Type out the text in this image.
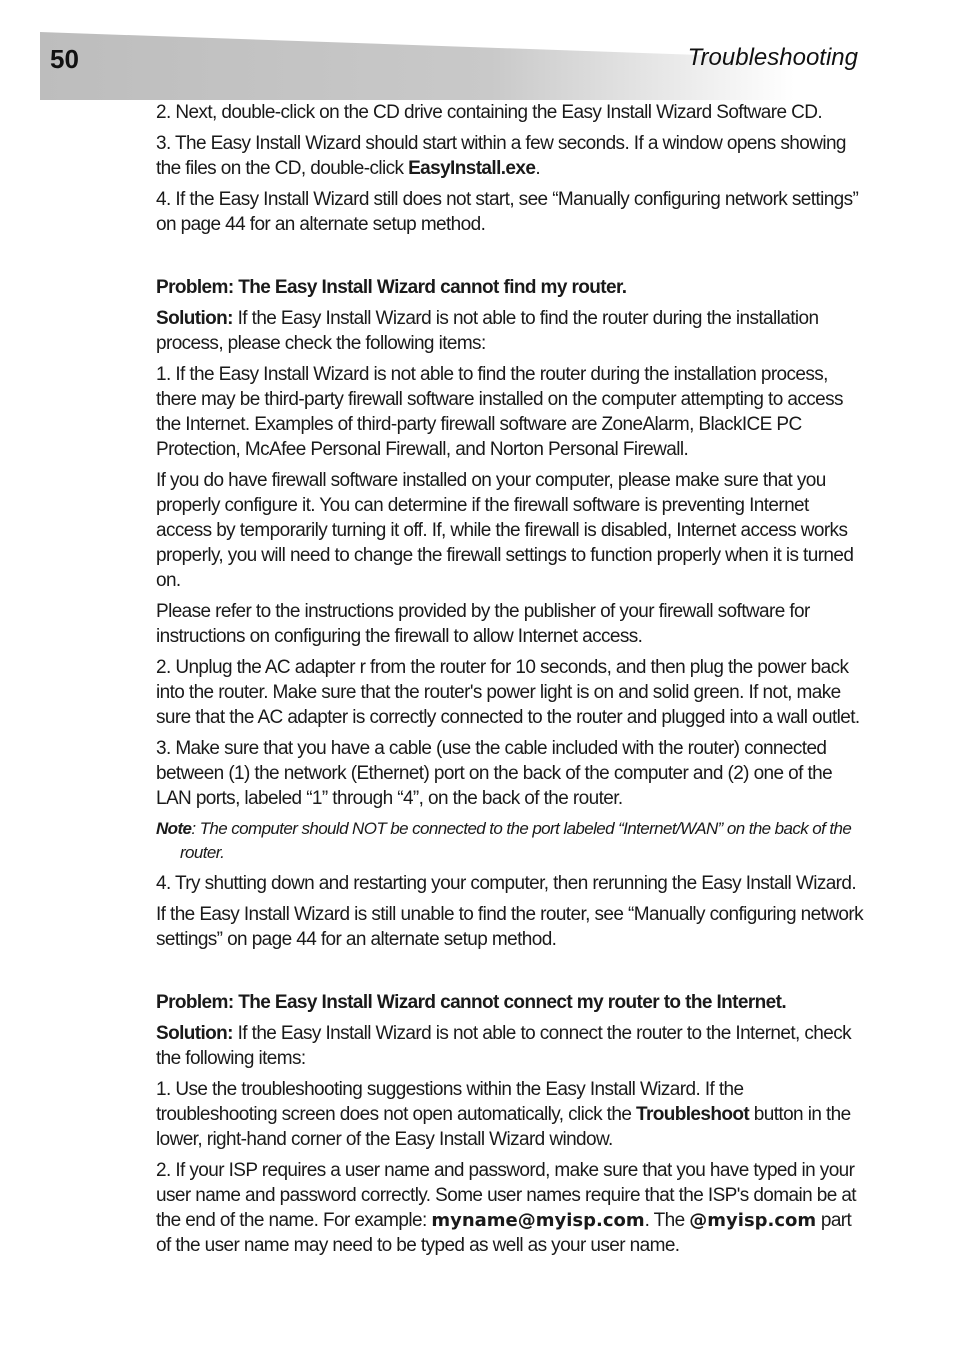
50	Troubleshooting

2. Next, double-click on the CD drive containing the Easy Install Wizard Software CD.

3. The Easy Install Wizard should start within a few seconds. If a window opens showing the files on the CD, double-click EasyInstall.exe.

4. If the Easy Install Wizard still does not start, see “Manually configuring network settings” on page 44 for an alternate setup method.

Problem: The Easy Install Wizard cannot find my router.

Solution: If the Easy Install Wizard is not able to find the router during the installation process, please check the following items:

1. If the Easy Install Wizard is not able to find the router during the installation process, there may be third-party firewall software installed on the computer attempting to access the Internet. Examples of third-party firewall software are ZoneAlarm, BlackICE PC Protection, McAfee Personal Firewall, and Norton Personal Firewall.

If you do have firewall software installed on your computer, please make sure that you properly configure it. You can determine if the firewall software is preventing Internet access by temporarily turning it off. If, while the firewall is disabled, Internet access works properly, you will need to change the firewall settings to function properly when it is turned on.

Please refer to the instructions provided by the publisher of your firewall software for instructions on configuring the firewall to allow Internet access.

2. Unplug the AC adapter r from the router for 10 seconds, and then plug the power back into the router. Make sure that the router's power light is on and solid green. If not, make sure that the AC adapter is correctly connected to the router and plugged into a wall outlet.

3. Make sure that you have a cable (use the cable included with the router) connected between (1) the network (Ethernet) port on the back of the computer and (2) one of the LAN ports, labeled “1” through “4”, on the back of the router.

Note: The computer should NOT be connected to the port labeled “Internet/WAN” on the back of the router.

4. Try shutting down and restarting your computer, then rerunning the Easy Install Wizard.

If the Easy Install Wizard is still unable to find the router, see “Manually configuring network settings” on page 44 for an alternate setup method.

Problem: The Easy Install Wizard cannot connect my router to the Internet.

Solution: If the Easy Install Wizard is not able to connect the router to the Internet, check the following items:

1. Use the troubleshooting suggestions within the Easy Install Wizard. If the troubleshooting screen does not open automatically, click the Troubleshoot button in the lower, right-hand corner of the Easy Install Wizard window.

2. If your ISP requires a user name and password, make sure that you have typed in your user name and password correctly. Some user names require that the ISP's domain be at the end of the name. For example: myname@myisp.com. The @myisp.com part of the user name may need to be typed as well as your user name.
